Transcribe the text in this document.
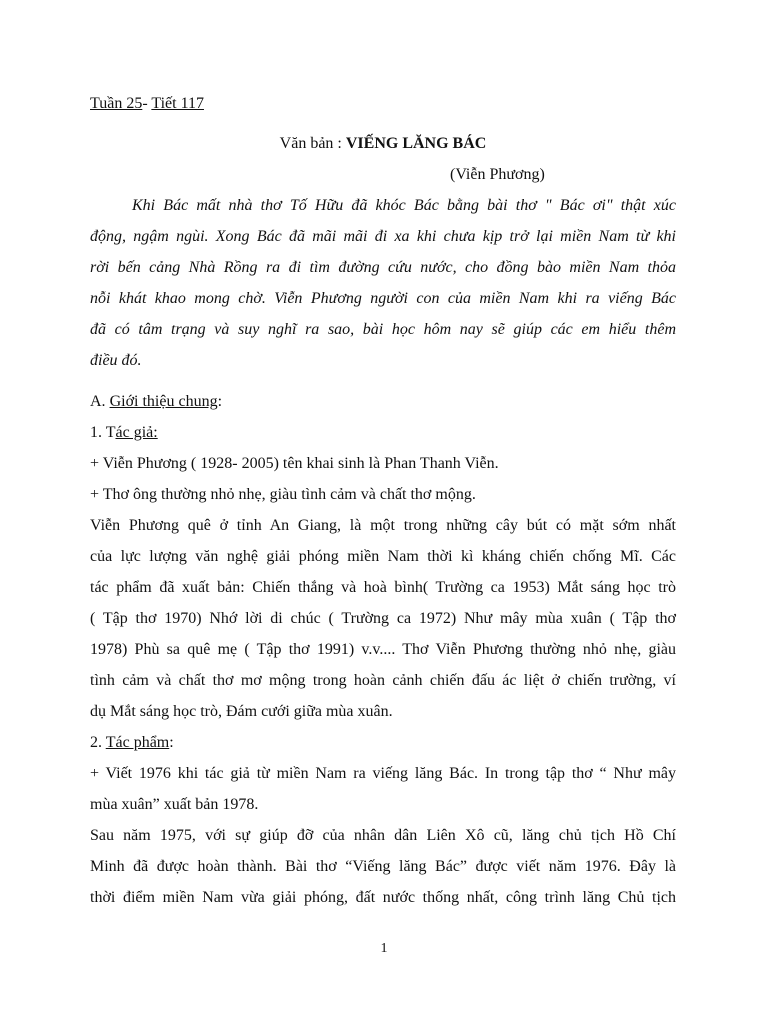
Tuần 25- Tiết 117
Văn bản : VIẾNG LĂNG BÁC
(Viễn Phương)
Khi Bác mất nhà thơ Tố Hữu đã khóc Bác bằng bài thơ " Bác ơi" thật xúc
động, ngậm ngùi. Xong Bác đã mãi mãi đi xa khi chưa kịp trở lại miền Nam từ khi
rời bến cảng Nhà Rồng ra đi tìm đường cứu nước, cho đồng bào miền Nam thỏa
nỗi khát khao mong chờ. Viễn Phương người con của miền Nam khi ra viếng Bác
đã có tâm trạng và suy nghĩ ra sao, bài học hôm nay sẽ giúp các em hiểu thêm
điều đó.
A. Giới thiệu chung:
1. Tác giả:
+ Viễn Phương ( 1928- 2005) tên khai sinh là Phan Thanh Viễn.
+ Thơ ông thường nhỏ nhẹ, giàu tình cảm và chất thơ mộng.
Viễn Phương quê ở tỉnh An Giang, là một trong những cây bút có mặt sớm nhất
của lực lượng văn nghệ giải phóng miền Nam thời kì kháng chiến chống Mĩ. Các
tác phẩm đã xuất bản: Chiến thắng và hoà bình( Trường ca 1953) Mắt sáng học trò
( Tập thơ 1970) Nhớ lời di chúc ( Trường ca 1972) Như mây mùa xuân ( Tập thơ
1978) Phù sa quê mẹ ( Tập thơ 1991) v.v.... Thơ Viễn Phương thường nhỏ nhẹ, giàu
tình cảm và chất thơ mơ mộng trong hoàn cảnh chiến đấu ác liệt ở chiến trường, ví
dụ Mắt sáng học trò, Đám cưới giữa mùa xuân.
2. Tác phẩm:
+ Viết 1976 khi tác giả từ miền Nam ra viếng lăng Bác. In trong tập thơ “ Như mây
mùa xuân” xuất bản 1978.
Sau năm 1975, với sự giúp đỡ của nhân dân Liên Xô cũ, lăng chủ tịch Hồ Chí
Minh đã được hoàn thành. Bài thơ “Viếng lăng Bác” được viết năm 1976. Đây là
thời điểm miền Nam vừa giải phóng, đất nước thống nhất, công trình lăng Chủ tịch
1
